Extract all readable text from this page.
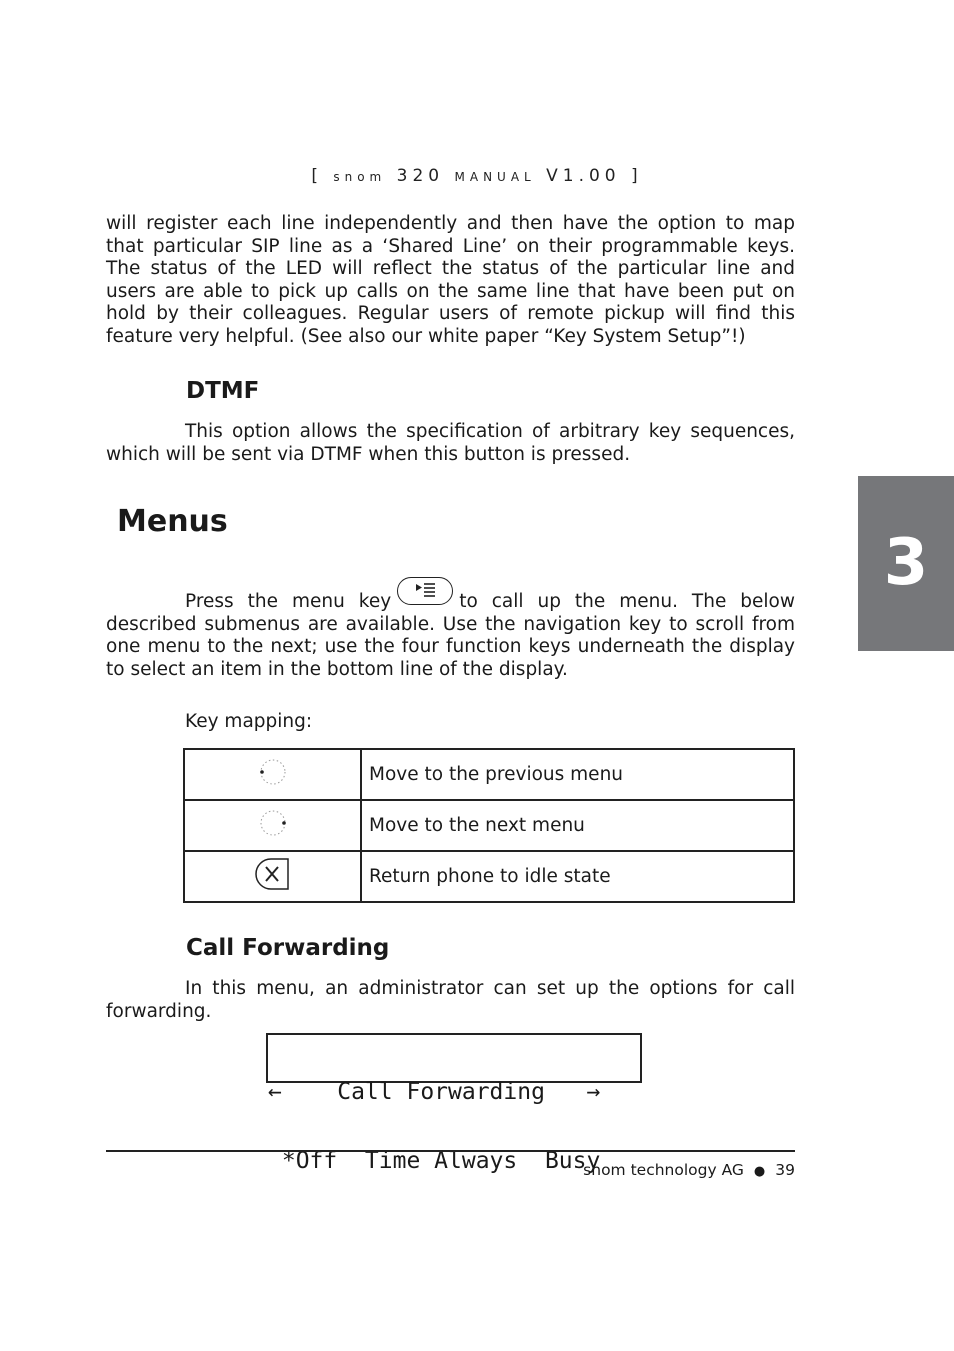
[ snom 320 MANUAL V1.00 ]

will register each line independently and then have the option to map that particular SIP line as a ‘Shared Line’ on their programmable keys. The status of the LED will reflect the status of the particular line and users are able to pick up calls on the same line that have been put on hold by their colleagues. Regular users of remote pickup will find this feature very helpful. (See also our white paper “Key System Setup”!)

DTMF

This option allows the specification of arbitrary key sequences, which will be sent via DTMF when this button is pressed.

Menus

Press the menu key	to call up the menu. The below described submenus are available. Use the navigation key to scroll from one menu to the next; use the four function keys underneath the display to select an item in the bottom line of the display.

Key mapping:
	Move to the previous menu
	Move to the next menu
	Return phone to idle state
Call Forwarding

In this menu, an administrator can set up the options for call forwarding.

←    Call Forwarding   →

*Off  Time Always  Busy

snom technology AG ● 39
3
